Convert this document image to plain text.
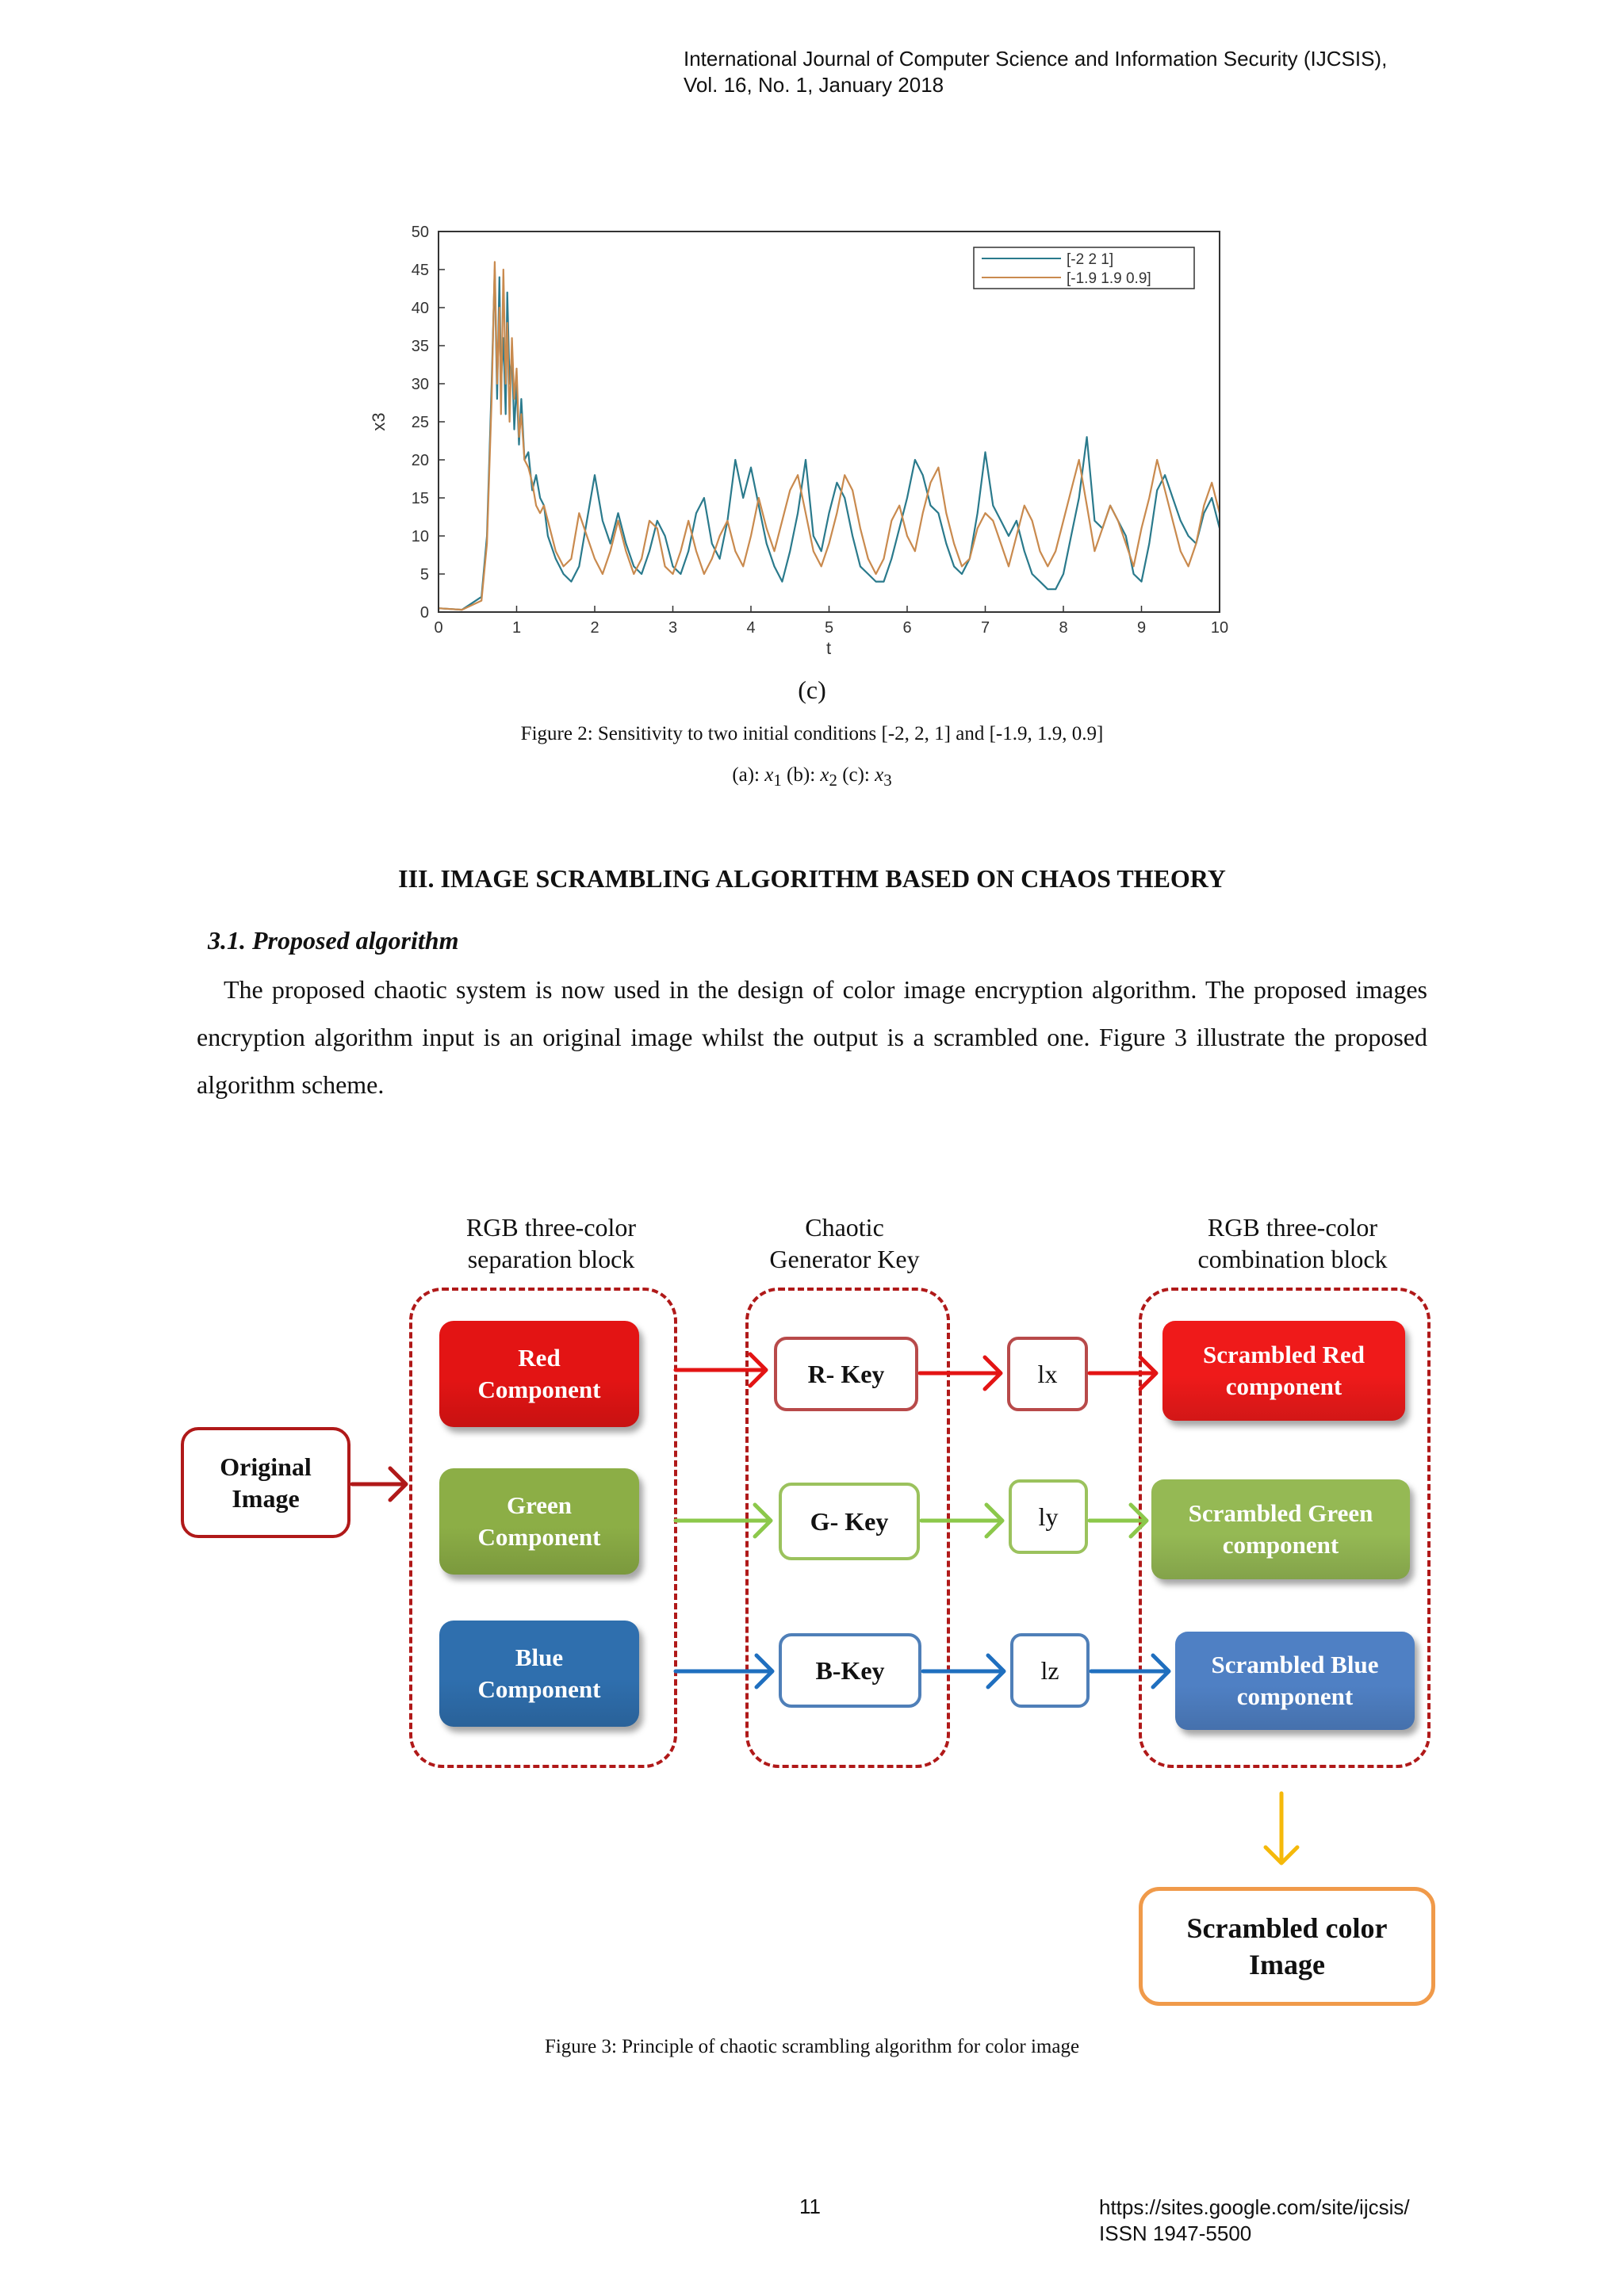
International Journal of Computer Science and Information Security (IJCSIS),
Vol. 16, No. 1, January 2018
0	1	2	3	4	5	6	7	8	9	10
0
5
10
15
20
25
30
35
40
45
50
t
x3
[-2 2 1]
[-1.9 1.9 0.9]
(c)
Figure 2: Sensitivity to two initial conditions [-2, 2, 1] and [-1.9, 1.9, 0.9]
(a): $x_1$ (b): $x_2$ (c): $x_3$
III. IMAGE SCRAMBLING ALGORITHM BASED ON CHAOS THEORY
3.1. Proposed algorithm
The proposed chaotic system is now used in the design of color image encryption algorithm. The proposed images encryption algorithm input is an original image whilst the output is a scrambled one. Figure 3 illustrate the proposed algorithm scheme.
RGB three-color
separation block
Chaotic
Generator Key
RGB three-color
combination block
Original
Image
Red
Component
Green
Component
Blue
Component
R- Key
G- Key
B-Key
lx
ly
lz
Scrambled Red
component
Scrambled Green
component
Scrambled Blue
component
Scrambled color
Image
Figure 3: Principle of chaotic scrambling algorithm for color image
11	https://sites.google.com/site/ijcsis/
ISSN 1947-5500
